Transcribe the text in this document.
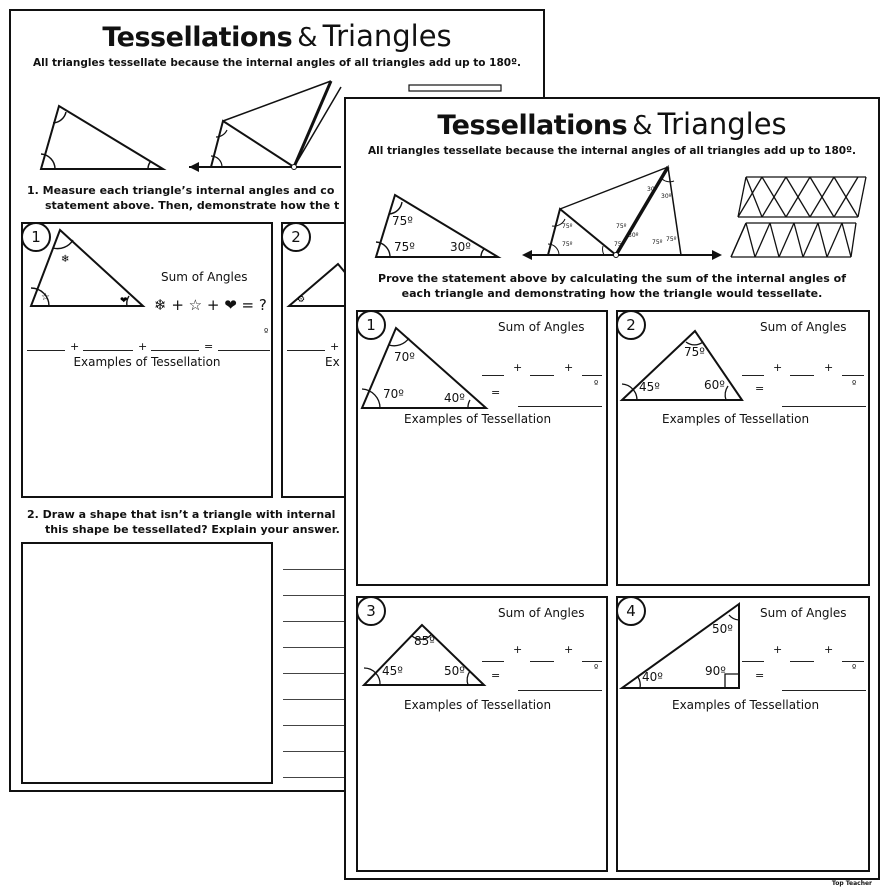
Tessellations & Triangles
All triangles tessellate because the internal angles of all triangles add up to 180º.
1. Measure each triangle’s internal angles and co
statement above. Then, demonstrate how the t
❄
☆	❤
Sum of Angles
❄ + ☆ + ❤ = ?
+	+	=
º
Examples of Tessellation
1
⚙
+
Ex
2
2. Draw a shape that isn’t a triangle with internal
this shape be tessellated? Explain your answer.
Tessellations & Triangles
All triangles tessellate because the internal angles of all triangles add up to 180º.
75º
75º	30º
30º
30º
75º
75º
75º
75º
30º
75º 75º
Prove the statement above by calculating the sum of the internal angles of
each triangle and demonstrating how the triangle would tessellate.
70º
70º	40º
Sum of Angles
+	+
=
º
Examples of Tessellation
1
75º
45º	60º
Sum of Angles
+	+
=	º
Examples of Tessellation
2
85º
45º	50º
Sum of Angles
+	+
=	º
Examples of Tessellation
3
50º
40º	90º
Sum of Angles
+	+
=	º
Examples of Tessellation
4
Top Teacher
